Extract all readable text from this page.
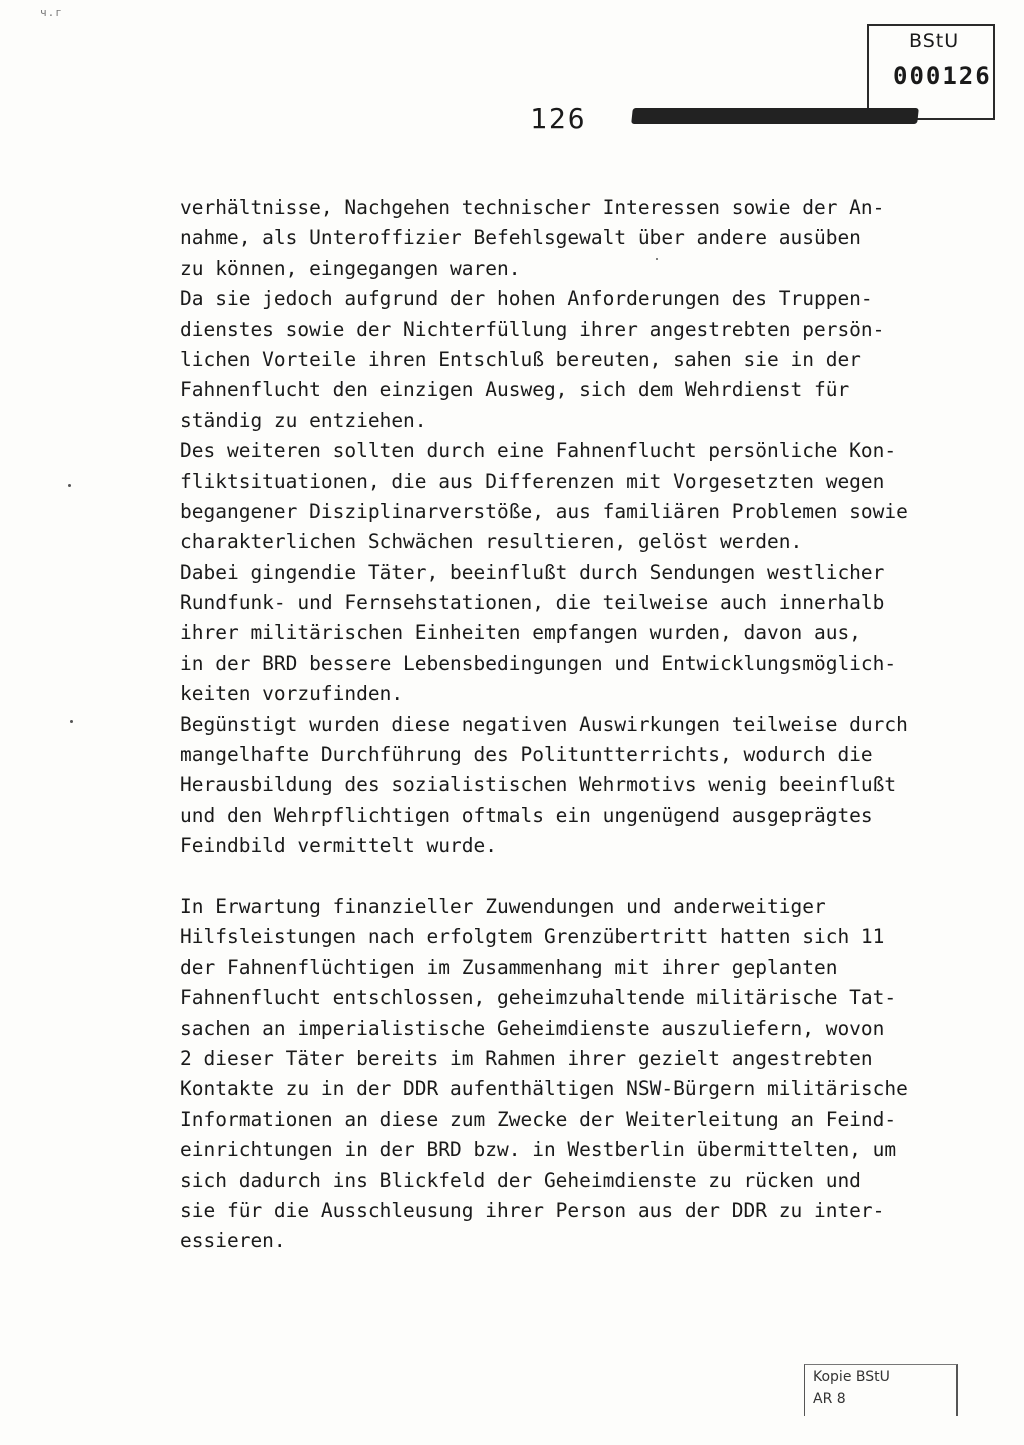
ч.г
BStU
000126
126
verhältnisse, Nachgehen technischer Interessen sowie der An-
nahme, als Unteroffizier Befehlsgewalt über andere ausüben
zu können, eingegangen waren.
Da sie jedoch aufgrund der hohen Anforderungen des Truppen-
dienstes sowie der Nichterfüllung ihrer angestrebten persön-
lichen Vorteile ihren Entschluß bereuten, sahen sie in der
Fahnenflucht den einzigen Ausweg, sich dem Wehrdienst für
ständig zu entziehen.
Des weiteren sollten durch eine Fahnenflucht persönliche Kon-
fliktsituationen, die aus Differenzen mit Vorgesetzten wegen
begangener Disziplinarverstöße, aus familiären Problemen sowie
charakterlichen Schwächen resultieren, gelöst werden.
Dabei gingendie Täter, beeinflußt durch Sendungen westlicher
Rundfunk- und Fernsehstationen, die teilweise auch innerhalb
ihrer militärischen Einheiten empfangen wurden, davon aus,
in der BRD bessere Lebensbedingungen und Entwicklungsmöglich-
keiten vorzufinden.
Begünstigt wurden diese negativen Auswirkungen teilweise durch
mangelhafte Durchführung des Polituntterrichts, wodurch die
Herausbildung des sozialistischen Wehrmotivs wenig beeinflußt
und den Wehrpflichtigen oftmals ein ungenügend ausgeprägtes
Feindbild vermittelt wurde.
In Erwartung finanzieller Zuwendungen und anderweitiger
Hilfsleistungen nach erfolgtem Grenzübertritt hatten sich 11
der Fahnenflüchtigen im Zusammenhang mit ihrer geplanten
Fahnenflucht entschlossen, geheimzuhaltende militärische Tat-
sachen an imperialistische Geheimdienste auszuliefern, wovon
2 dieser Täter bereits im Rahmen ihrer gezielt angestrebten
Kontakte zu in der DDR aufenthältigen NSW-Bürgern militärische
Informationen an diese zum Zwecke der Weiterleitung an Feind-
einrichtungen in der BRD bzw. in Westberlin übermittelten, um
sich dadurch ins Blickfeld der Geheimdienste zu rücken und
sie für die Ausschleusung ihrer Person aus der DDR zu inter-
essieren.
Kopie BStU
AR 8
